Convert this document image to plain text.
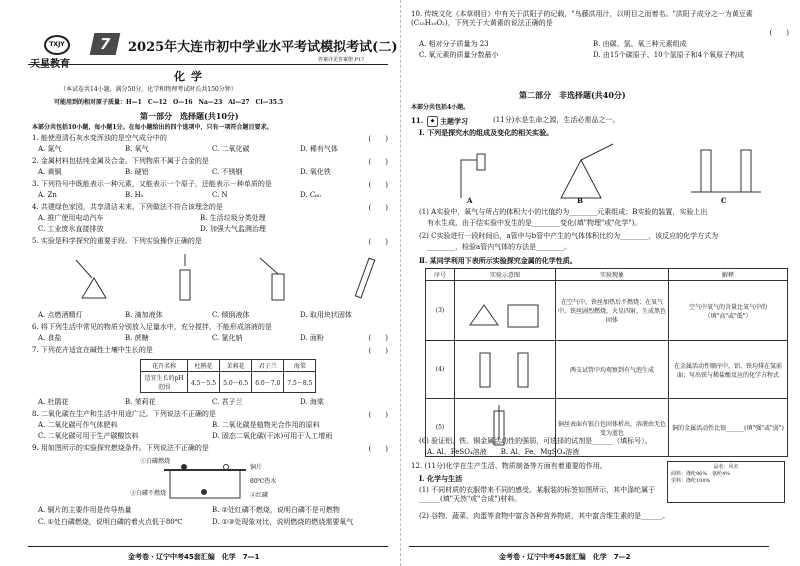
TXJY
天星教育
7	2025年大连市初中学业水平考试模拟考试(二)
答案详见答案册 P17
化学
（本试卷共14小题，满分50分。化学和物理考试时长共150分钟）
可能用到的相对原子质量：H—1　C—12　O—16　Na—23　Al—27　Cl—35.5
第一部分　选择题(共10分)
本部分共包括10小题，每小题1分。在每小题给出的四个选项中，只有一项符合题目要求。
1. 能使澄清石灰水变浑浊的是空气成分中的	(　　)
A. 氮气	B. 氧气	C. 二氧化碳	D. 稀有气体
2. 金属材料包括纯金属及合金。下列物质不属于合金的是	(　　)
A. 黄铜	B. 硬铝	C. 不锈钢	D. 氧化铁
3. 下列符号中既能表示一种元素，又能表示一个原子，还能表示一种单质的是	(　　)
A. Zn	B. H₂	C. N	D. C₆₀
4. 共建绿色家园，共享清洁未来。下列做法不符合该理念的是	(　　)
A. 推广使用电动汽车	B. 生活垃圾分类处理
C. 工业废水直接排放	D. 加强大气监测治理
5. 实验是科学探究的重要手段。下列实验操作正确的是	(　　)
A. 点燃酒精灯	B. 滴加液体	C. 倾倒液体	D. 取用块状固体
6. 将下列生活中常见的物质分别放入足量水中，充分搅拌，不能形成溶液的是
(　　)
A. 食盐	B. 蔗糖	C. 氯化钠	D. 面粉
7. 下列花卉适宜在碱性土壤中生长的是	(　　)
花卉名称	杜鹃花	茉莉花	君子兰	海棠
适宜生长的pH范围	4.5～5.5	5.0～6.5	6.0～7.0	7.5～8.5
A. 杜鹃花	B. 茉莉花	C. 君子兰	D. 海棠
8. 二氧化碳在生产和生活中用途广泛。下列说法不正确的是	(　　)
A. 二氧化碳可作气体肥料	B. 二氧化碳是植物光合作用的原料
C. 二氧化碳可用于生产碳酸饮料	D. 固态二氧化碳(干冰)可用于人工增雨
9. 用如图所示的实验探究燃烧条件。下列说法不正确的是	(　　)
①白磷燃烧
铜片
80℃热水
③白磷不燃烧	②红磷
A. 铜片的主要作用是传导热量	B. ②处红磷不燃烧，说明白磷不是可燃物
C. ①处白磷燃烧，说明白磷的着火点低于80℃	D. ①③处现象对比，说明燃烧的燃烧需要氧气
金考卷・辽宁中考45套汇编　化学　7—1
10. 传统文化《本草纲目》中有关于洪阳子的记载，"鸟藤洪用汁，以明目之而着名。"洪阳子成分之一为黄豆素(C₁₅H₁₀O₂)，下列关于大黄素的说法正确的是
(　　)
A. 相对分子质量为 23	B. 由碳、氢、氧三种元素组成
C. 氧元素的质量分数最小	D. 由15个碳原子、10个氢原子和4个氧原子构成
第二部分　非选择题(共40分)
本部分共包括4小题。
11.	◆ 主题学习	(11分)水是生命之源，生活必需品之一。
Ⅰ. 下列是探究水的组成及变化的相关实验。
A	B	C
(1) A实验中，氧气与所占的体积大小的比值约为________元素组成；B实验的装置，实验上出
有水生成，由于结实验中发生的是________变化(填"物理"或"化学")。
(2) C实验进行一段时间后，a管中与b管中产生的气体体积比约为________，该反应的化学方式为
________，检验a管内气体的方法是________。
Ⅱ. 某同学利用下表所示实验探究金属的化学性质。
序号	实验示意图	实验现象	解释
(3)		在空气中，铁丝加热后不燃烧；在氧气中，铁丝剧烈燃烧，火星四射，生成黑色固体	空气中氧气的含量比氧气中的（填"高"或"低"）
(4)		两支试管中均观察到有气泡生成	在金属活动性顺序中，铝、铁均排在氢前面；写出铁与稀盐酸反应的化学方程式
(5)		铜丝表面有银白色固体析出，溶液由无色变为蓝色	铜的金属活动性比银______(填"强"或"弱")
(6) 验证铝、铁、铜金属活动性的强弱，可选择的试剂是______（填标号）。
A. Al、FeSO₄溶液　　B. Al、Fe、MgSO₄溶液
12. (11分)化学在生产生活、物质制备等方面有着重要的作用。
Ⅰ. 化学与生活
(1) 不同材质的衣服带来不同的感受。某服装的标签如图所示，其中涤纶属于______(填"天然"或"合成")材料。
(2) 谷物、蔬菜、肉蛋等食物中富含各种营养物质，其中富含维生素的是______。
品名：风衣
面料：涤纶96%　氨纶4%
里料：涤纶100%
金考卷・辽宁中考45套汇编　化学　7—2
